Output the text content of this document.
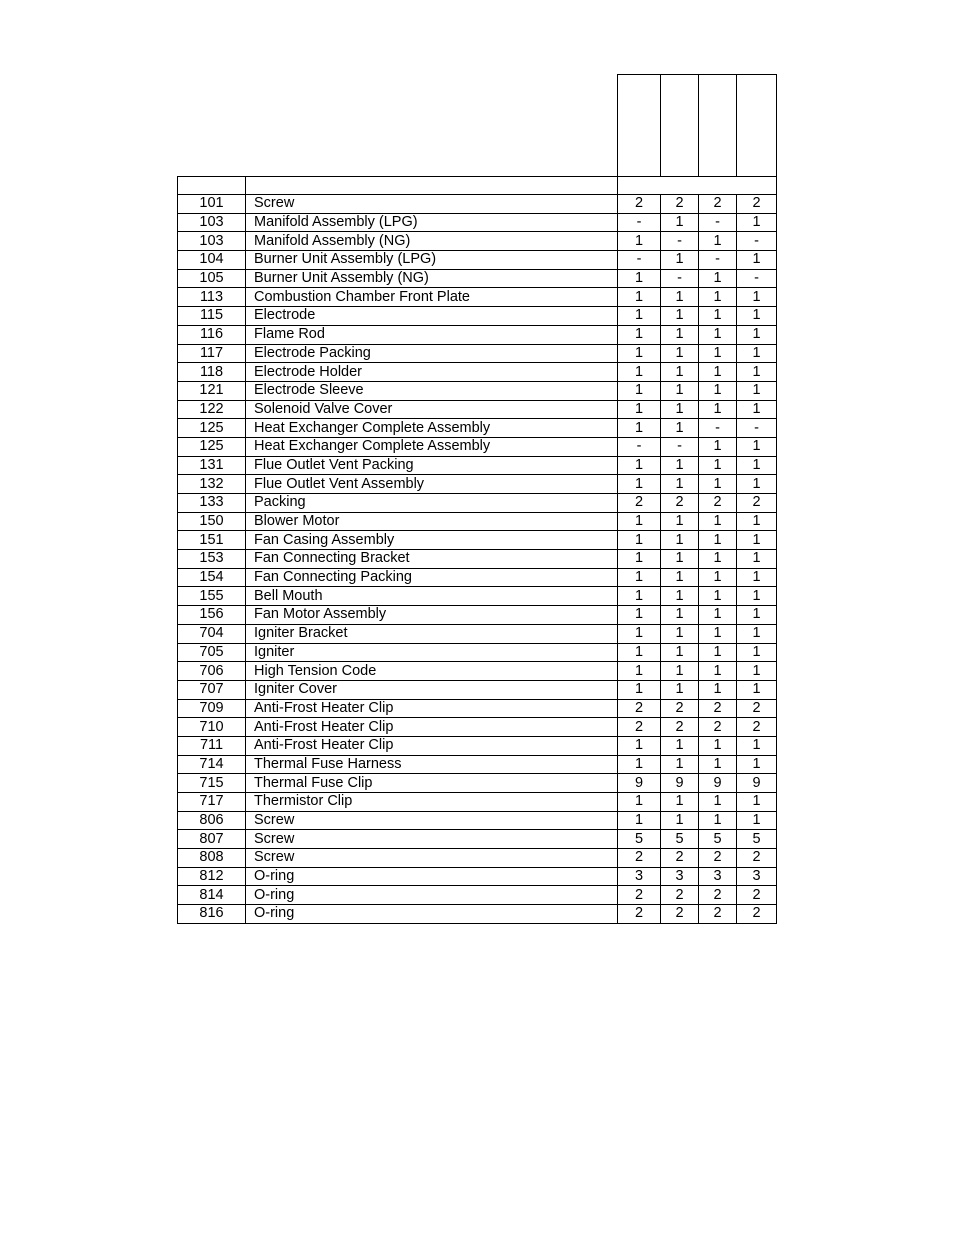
101	Screw	2	2	2	2
103	Manifold Assembly (LPG)	-	1	-	1
103	Manifold Assembly (NG)	1	-	1	-
104	Burner Unit Assembly (LPG)	-	1	-	1
105	Burner Unit Assembly (NG)	1	-	1	-
113	Combustion Chamber Front Plate	1	1	1	1
115	Electrode	1	1	1	1
116	Flame Rod	1	1	1	1
117	Electrode Packing	1	1	1	1
118	Electrode Holder	1	1	1	1
121	Electrode Sleeve	1	1	1	1
122	Solenoid Valve Cover	1	1	1	1
125	Heat Exchanger Complete Assembly	1	1	-	-
125	Heat Exchanger Complete Assembly	-	-	1	1
131	Flue Outlet Vent Packing	1	1	1	1
132	Flue Outlet Vent Assembly	1	1	1	1
133	Packing	2	2	2	2
150	Blower Motor	1	1	1	1
151	Fan Casing Assembly	1	1	1	1
153	Fan Connecting Bracket	1	1	1	1
154	Fan Connecting Packing	1	1	1	1
155	Bell Mouth	1	1	1	1
156	Fan Motor Assembly	1	1	1	1
704	Igniter Bracket	1	1	1	1
705	Igniter	1	1	1	1
706	High Tension Code	1	1	1	1
707	Igniter Cover	1	1	1	1
709	Anti-Frost Heater Clip	2	2	2	2
710	Anti-Frost Heater Clip	2	2	2	2
711	Anti-Frost Heater Clip	1	1	1	1
714	Thermal Fuse Harness	1	1	1	1
715	Thermal Fuse Clip	9	9	9	9
717	Thermistor Clip	1	1	1	1
806	Screw	1	1	1	1
807	Screw	5	5	5	5
808	Screw	2	2	2	2
812	O-ring	3	3	3	3
814	O-ring	2	2	2	2
816	O-ring	2	2	2	2
